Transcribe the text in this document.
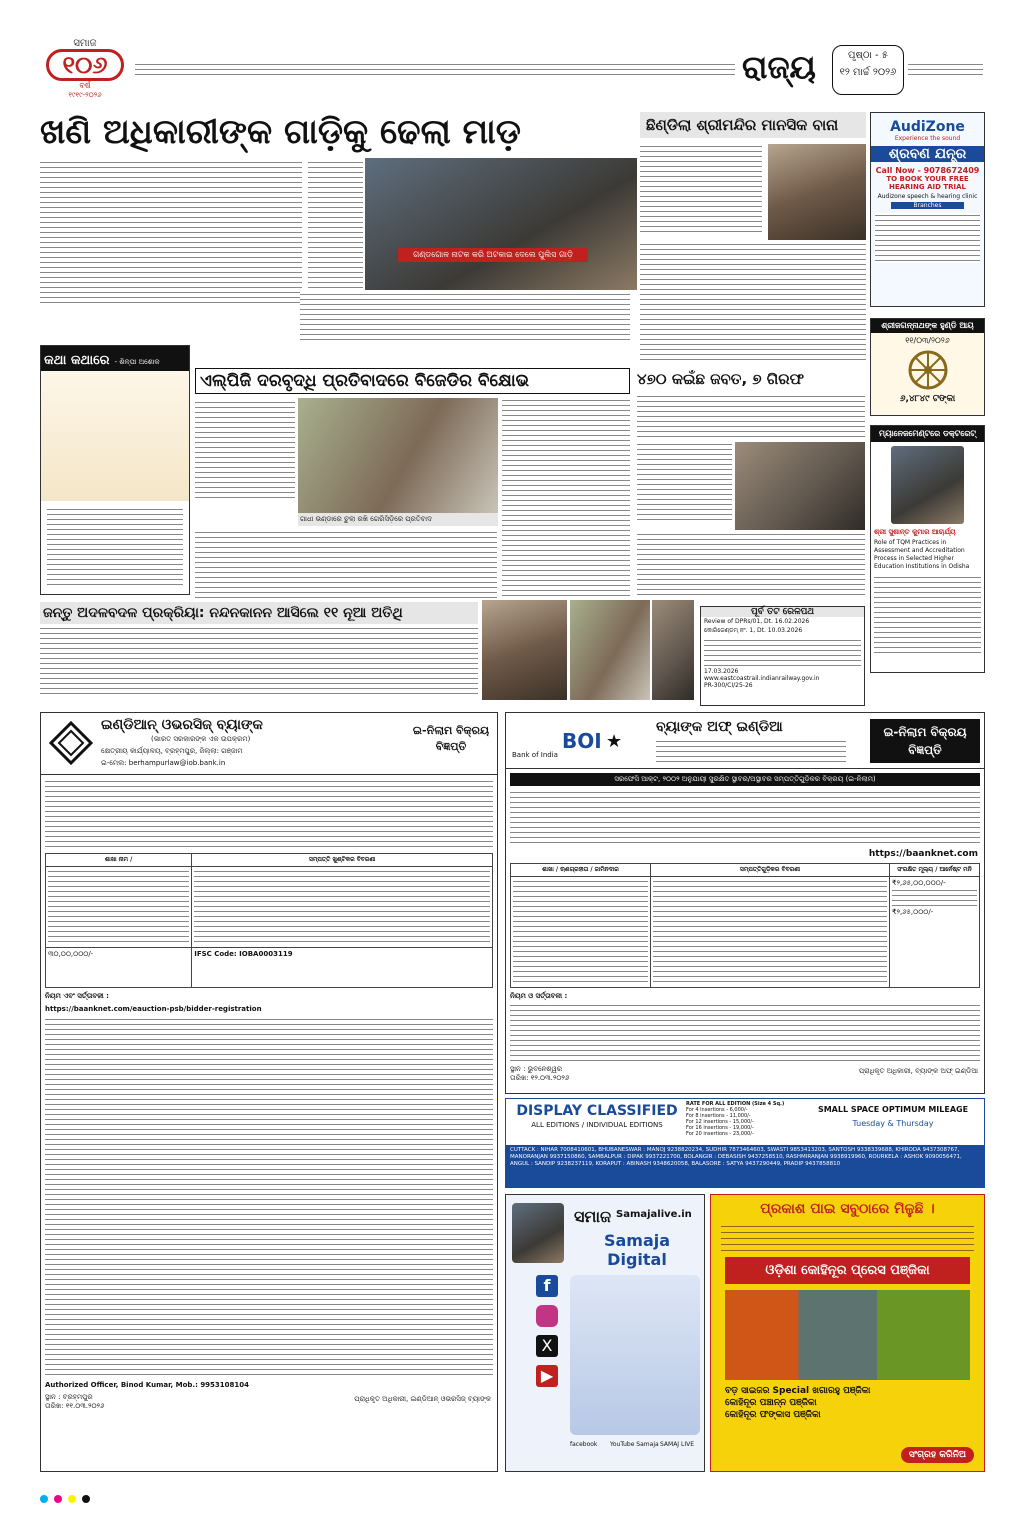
ସମାଜ
୧୦୬
ବର୍ଷ
୧୯୧୯-୨୦୨୬
ରାଜ୍ୟ	ପୃଷ୍ଠା - ୫
୧୨ ମାର୍ଚ୍ଚ ୨୦୨୬
ଖଣି ଅଧିକାରୀଙ୍କ ଗାଡ଼ିକୁ ଢେଲା ମାଡ଼
ଗଣ୍ଡଗୋଳ ନାଟକ କରି ଅଟକାଇ ଦେଲେ ପୁଲିସ ଗାଡ଼ି
ଛିଣ୍ଡିଲା ଶ୍ରୀମନ୍ଦିର ମାନସିକ ବାନା	AudiZone
Experience the sound
ଶ୍ରବଣ ଯନ୍ତ୍ର
Call Now - 9078672409
TO BOOK YOUR FREE HEARING AID TRIAL
Audizone speech & hearing clinic
Branches
ଶ୍ରୀଜଗନ୍ନାଥଙ୍କ ହୁଣ୍ଡି ଆୟ
୧୧/୦୩/୨୦୨୬
୬,୪୮୪୯ ଟଙ୍କା
କଥା କଥାରେ - ଶିଳ୍ପୀ ଅଶୋକ
ଏଲ୍‌ପିଜି ଦରବୃଦ୍ଧି ପ୍ରତିବାଦରେ ବିଜେଡିର ବିକ୍ଷୋଭ
ଗାଧୀ ଭଣ୍ଡାରେ ଚୁଲା ରଖି ଗେରିସିଡ଼ିରେ ପ୍ରତିବାଦ
୪୭୦ କଇଁଛ ଜବତ, ୭ ଗିରଫ
ମ୍ୟାନେଜମେଣ୍ଟରେ ଡକ୍ଟରେଟ୍
ଶ୍ରୀ ସୁଶାନ୍ତ କୁମାର ଆଚାର୍ଯ୍ୟ
Role of TQM Practices in Assessment and Accreditation Process in Selected Higher Education Institutions in Odisha
ଜନ୍ତୁ ଅଦଳବଦଳ ପ୍ରକ୍ରିୟା: ନନ୍ଦନକାନନ ଆସିଲେ ୧୧ ନୂଆ ଅତିଥି	ପୂର୍ବ ତଟ ରେଳପଥ
Review of DPRs/01, Dt. 16.02.2026
କୋରିଜେଣ୍ଡମ୍ ନଂ. 1, Dt. 10.03.2026
17.03.2026
www.eastcoastrail.indianrailway.gov.in
PR-300/CI/25-26
ଇଣ୍ଡିଆନ୍ ଓଭରସିଜ୍ ବ୍ୟାଙ୍କ
(ଭାରତ ସରକାରଙ୍କ ଏକ ଉପକ୍ରମ)
କ୍ଷେତ୍ରୀୟ କାର୍ଯ୍ୟାଳୟ, ବ୍ରହ୍ମପୁର, ଜିଲ୍ଲା: ଗଞ୍ଜାମ
ଇ-ମେଲ: berhampurlaw@iob.bank.in
ଇ-ନିଲାମ ବିକ୍ରୟ ବିଜ୍ଞପ୍ତି
ଶାଖା ନାମ /	ସମ୍ପତ୍ତି ଖୁଣ୍ଟିକର ବିବରଣୀ

୩୦,୦୦,୦୦୦/-	IFSC Code: IOBA0003119
ନିୟମ ଏବଂ ସର୍ତ୍ତାବଳୀ :
https://baanknet.com/eauction-psb/bidder-registration
Authorized Officer, Binod Kumar, Mob.: 9953108104
ସ୍ଥାନ : ବ୍ରହ୍ମପୁର
ତାରିଖ: ୧୧.୦୩.୨୦୨୬
ପ୍ରାଧିକୃତ ଅଧିକାରୀ, ଇଣ୍ଡିଆନ୍ ଓଭରସିଜ୍ ବ୍ୟାଙ୍କ
Bank of India
BOI ★
ବ୍ୟାଙ୍କ ଅଫ୍ ଇଣ୍ଡିଆ	ଇ-ନିଲାମ ବିକ୍ରୟ ବିଜ୍ଞପ୍ତି
ସରଫେସି ଆକ୍ଟ, ୨୦୦୨ ଅନୁଯାୟୀ ସୁରକ୍ଷିତ ସ୍ଥାବର/ଅସ୍ଥାବର ସମ୍ପତ୍ତିଗୁଡ଼ିକର ବିକ୍ରୟ (ଇ-ନିଲାମ)
https://baanknet.com
ଶାଖା / ଋଣଗ୍ରହୀତା / ଜାମିନଦାର	ସମ୍ପତ୍ତିଗୁଡ଼ିକର ବିବରଣୀ	ସଂରକ୍ଷିତ ମୂଲ୍ୟ / ଆର୍ନେଷ୍ଟ ମନି

		₹୨,୬୫,୦୦,୦୦୦/-
₹୨,୬୫,୦୦୦/-
ନିୟମ ଓ ସର୍ତ୍ତାବଳୀ :
ସ୍ଥାନ : ଭୁବନେଶ୍ୱର
ତାରିଖ: ୧୨.୦୩.୨୦୨୬
ପ୍ରାଧିକୃତ ଅଧିକାରୀ, ବ୍ୟାଙ୍କ ଅଫ୍ ଇଣ୍ଡିଆ
DISPLAY CLASSIFIED
ALL EDITIONS / INDIVIDUAL EDITIONS
RATE FOR ALL EDITION (Size 4 Sq.)
For 4 insertions - 6,000/-
For 8 insertions - 11,000/-
For 12 insertions - 15,000/-
For 16 insertions - 19,000/-
For 20 insertions - 23,000/-
SMALL SPACE OPTIMUM MILEAGE
Tuesday & Thursday
CUTTACK : NIHAR 7008410601, BHUBANESWAR : MANOJ 9238820234, SUDHIR 7873464603, SWASTI 9853413203, SANTOSH 9338339688, KHIRODA 9437308767, MANORANJAN 9937150860, SAMBALPUR : DIPAK 9937221700, BOLANGIR : DEBASISH 9437258510, RASHMIRANJAN 9938919960, ROURKELA : ASHOK 9090056471, ANGUL : SANDIP 9238237119, KORAPUT : ABINASH 9348620058, BALASORE : SATYA 9437290449, PRADIP 9437858810
ସମାଜ Samajalive.in
Samaja Digital
f
X
▶
facebook YouTube Samaja SAMAJ LIVE
ପ୍ରକାଶ ପାଇ ସବୁଠାରେ ମିଳୁଛି ।
ଓଡ଼ିଶା କୋହିନୂର ପ୍ରେସ ପଞ୍ଜିକା
ବଡ଼ ସାଇଜର Special ଖଗାରହୁ ପଞ୍ଜିକା
କୋହିନୂର ପଞ୍ଚାନ୍ନ ପଞ୍ଜିକା
କୋହିନୂର ଫଙ୍କାସ ପଞ୍ଜିକା
ସଂଗ୍ରହ କରିନିଅ
